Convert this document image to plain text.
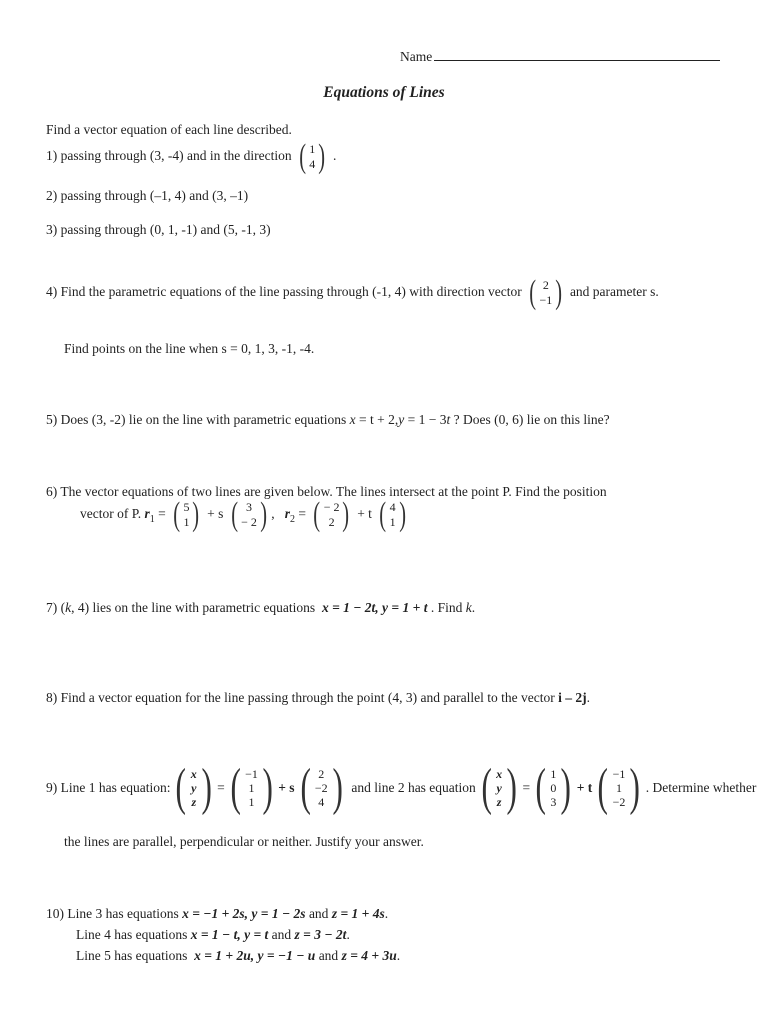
Name
Equations of Lines
Find a vector equation of each line described.
1) passing through (3, -4) and in the direction ( 1
4 ) .
2) passing through (–1, 4) and (3, –1)
3) passing through (0, 1, -1) and (5, -1, 3)
4) Find the parametric equations of the line passing through (-1, 4) with direction vector ( 2
−1 ) and parameter s.
Find points on the line when s = 0, 1, 3, -1, -4.
5) Does (3, -2) lie on the line with parametric equations x = t + 2,y = 1 − 3t ? Does (0, 6) lie on this line?
6) The vector equations of two lines are given below. The lines intersect at the point P. Find the position
vector of P. $r_1$ = ( 5
1 ) + s ( 3
− 2 ) , $r_2$ = ( − 2
2 ) + t ( 4
1 )
7) (k, 4) lies on the line with parametric equations x = 1 − 2t, y = 1 + t . Find k.
8) Find a vector equation for the line passing through the point (4, 3) and parallel to the vector i – 2j.
9) Line 1 has equation: ( x
y
z ) = ( −1
1
1 ) + s ( 2
−2
4 )
and line 2 has equation ( x
y
z ) = ( 1
0
3 ) + t ( −1
1
−2 ) . Determine whether
the lines are parallel, perpendicular or neither. Justify your answer.
10) Line 3 has equations x = −1 + 2s, y = 1 − 2s and z = 1 + 4s.
Line 4 has equations x = 1 − t, y = t and z = 3 − 2t.
Line 5 has equations x = 1 + 2u, y = −1 − u and z = 4 + 3u.
